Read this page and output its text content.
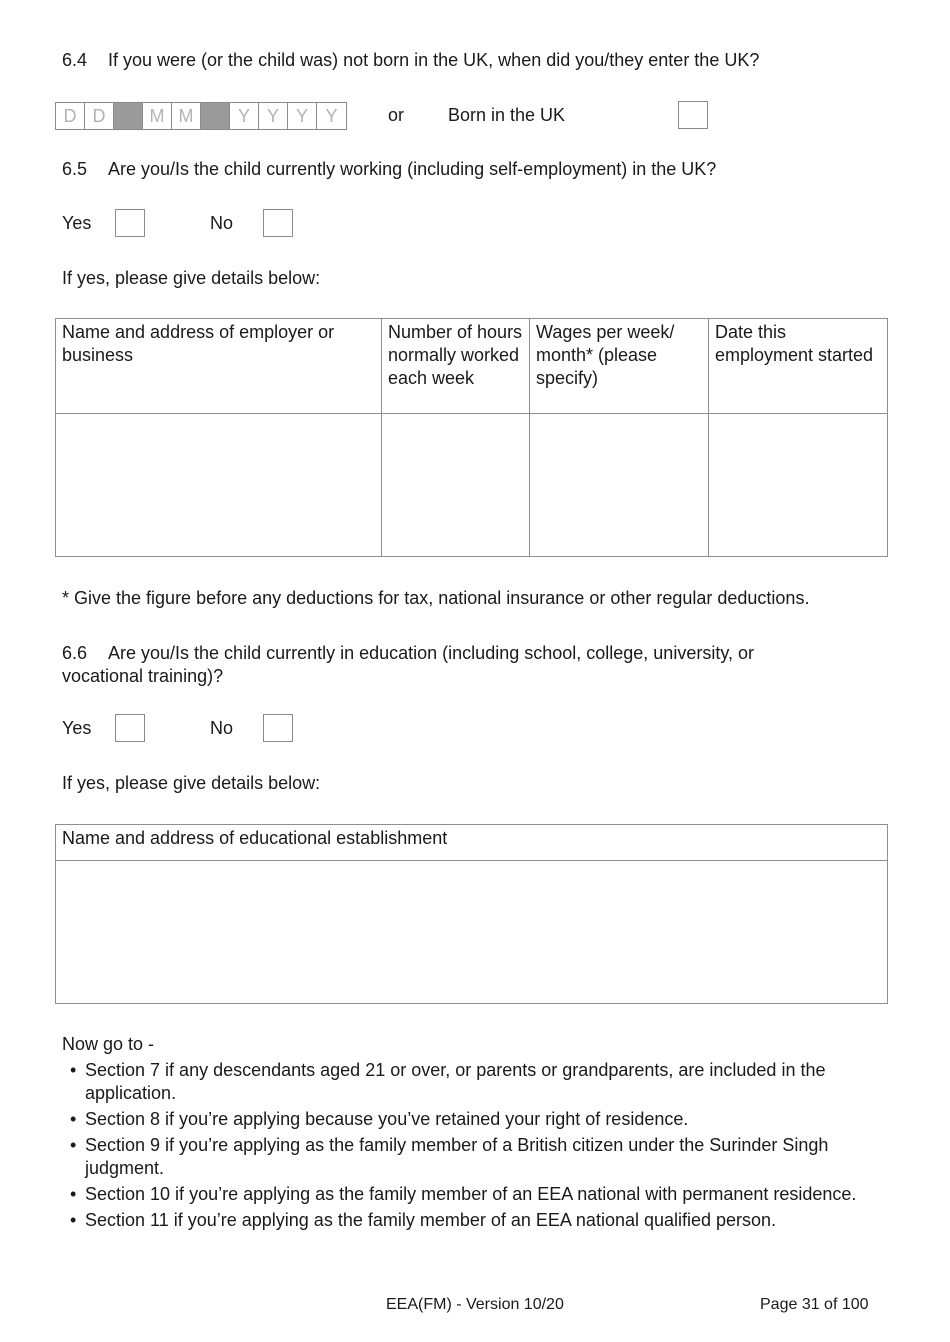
6.4 If you were (or the child was) not born in the UK, when did you/they enter the UK?
D D	M M	Y Y Y Y	or Born in the UK
6.5 Are you/Is the child currently working (including self-employment) in the UK?
Yes	No
If yes, please give details below:
Name and address of employer or business	Number of hours normally worked each week	Wages per week/ month* (please specify)	Date this employment started

* Give the figure before any deductions for tax, national insurance or other regular deductions.
6.6 Are you/Is the child currently in education (including school, college, university, or vocational training)?
Yes	No
If yes, please give details below:
Name and address of educational establishment

Now go to -
• Section 7 if any descendants aged 21 or over, or parents or grandparents, are included in the application.
• Section 8 if you’re applying because you’ve retained your right of residence.
• Section 9 if you’re applying as the family member of a British citizen under the Surinder Singh judgment.
• Section 10 if you’re applying as the family member of an EEA national with permanent residence.
• Section 11 if you’re applying as the family member of an EEA national qualified person.
EEA(FM) - Version 10/20	Page 31 of 100
